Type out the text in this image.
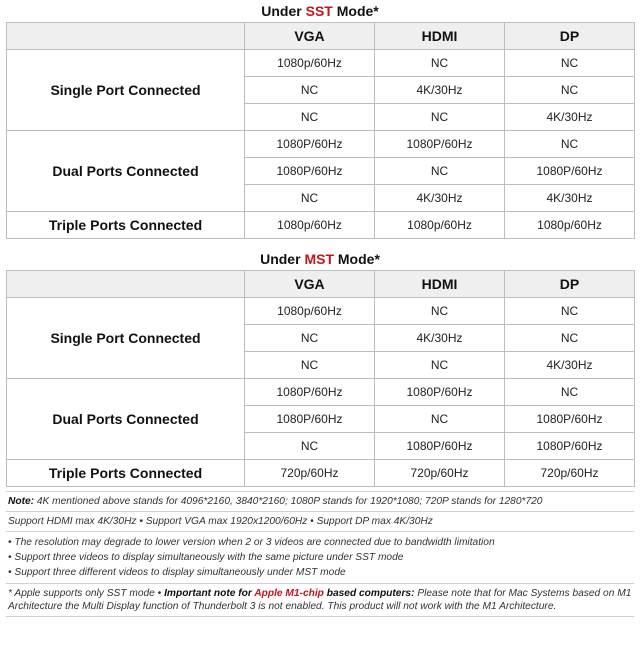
Under SST Mode*
	VGA	HDMI	DP
Single Port Connected	1080p/60Hz	NC	NC
	NC	4K/30Hz	NC
	NC	NC	4K/30Hz
Dual Ports Connected	1080P/60Hz	1080P/60Hz	NC
	1080P/60Hz	NC	1080P/60Hz
	NC	4K/30Hz	4K/30Hz
Triple Ports Connected	1080p/60Hz	1080p/60Hz	1080p/60Hz
Under MST Mode*
	VGA	HDMI	DP
Single Port Connected	1080p/60Hz	NC	NC
	NC	4K/30Hz	NC
	NC	NC	4K/30Hz
Dual Ports Connected	1080P/60Hz	1080P/60Hz	NC
	1080P/60Hz	NC	1080P/60Hz
	NC	1080P/60Hz	1080P/60Hz
Triple Ports Connected	720p/60Hz	720p/60Hz	720p/60Hz
Note: 4K mentioned above stands for 4096*2160, 3840*2160; 1080P stands for 1920*1080; 720P stands for 1280*720
Support HDMI max 4K/30Hz • Support VGA max 1920x1200/60Hz • Support DP max 4K/30Hz
• The resolution may degrade to lower version when 2 or 3 videos are connected due to bandwidth limitation
• Support three videos to display simultaneously with the same picture under SST mode
• Support three different videos to display simultaneously under MST mode
* Apple supports only SST mode • Important note for Apple M1-chip based computers: Please note that for Mac Systems based on M1 Architecture the Multi Display function of Thunderbolt 3 is not enabled. This product will not work with the M1 Architecture.
